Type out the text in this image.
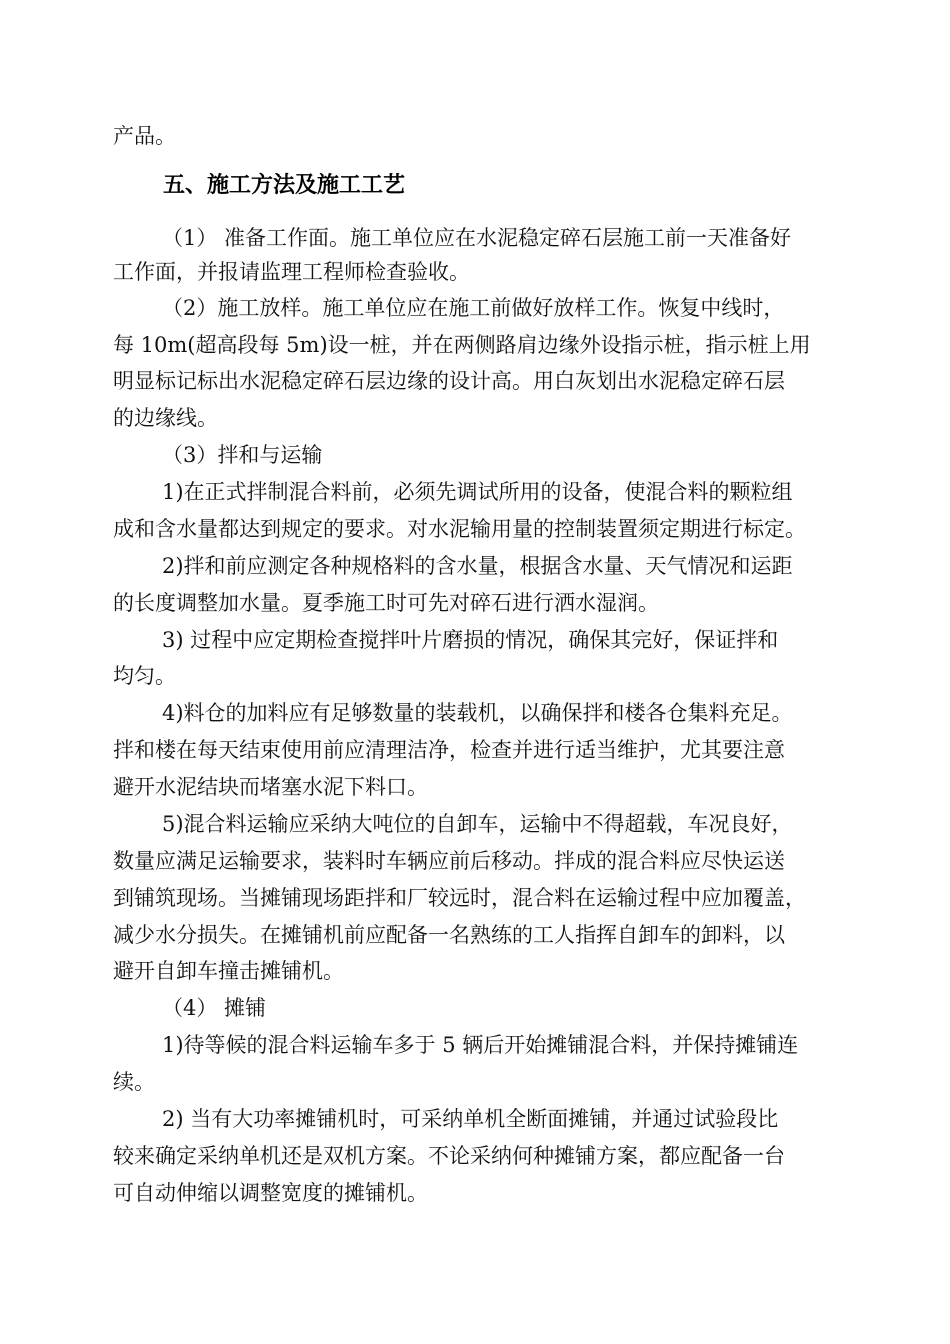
产品。

五、施工方法及施工工艺

（1） 准备工作面。施工单位应在水泥稳定碎石层施工前一天准备好

工作面，并报请监理工程师检查验收。

（2）施工放样。施工单位应在施工前做好放样工作。恢复中线时，

每 10m(超高段每 5m)设一桩，并在两侧路肩边缘外设指示桩，指示桩上用

明显标记标出水泥稳定碎石层边缘的设计高。用白灰划出水泥稳定碎石层

的边缘线。

（3）拌和与运输

1)在正式拌制混合料前，必须先调试所用的设备，使混合料的颗粒组

成和含水量都达到规定的要求。对水泥输用量的控制装置须定期进行标定。

2)拌和前应测定各种规格料的含水量，根据含水量、天气情况和运距

的长度调整加水量。夏季施工时可先对碎石进行洒水湿润。

3) 过程中应定期检查搅拌叶片磨损的情况，确保其完好，保证拌和

均匀。

4)料仓的加料应有足够数量的装载机，以确保拌和楼各仓集料充足。

拌和楼在每天结束使用前应清理洁净，检查并进行适当维护，尤其要注意

避开水泥结块而堵塞水泥下料口。

5)混合料运输应采纳大吨位的自卸车，运输中不得超载，车况良好，

数量应满足运输要求，装料时车辆应前后移动。拌成的混合料应尽快运送

到铺筑现场。当摊铺现场距拌和厂较远时，混合料在运输过程中应加覆盖，

减少水分损失。在摊铺机前应配备一名熟练的工人指挥自卸车的卸料，以

避开自卸车撞击摊铺机。

（4） 摊铺

1)待等候的混合料运输车多于 5 辆后开始摊铺混合料，并保持摊铺连

续。

2) 当有大功率摊铺机时，可采纳单机全断面摊铺，并通过试验段比

较来确定采纳单机还是双机方案。不论采纳何种摊铺方案，都应配备一台

可自动伸缩以调整宽度的摊铺机。
